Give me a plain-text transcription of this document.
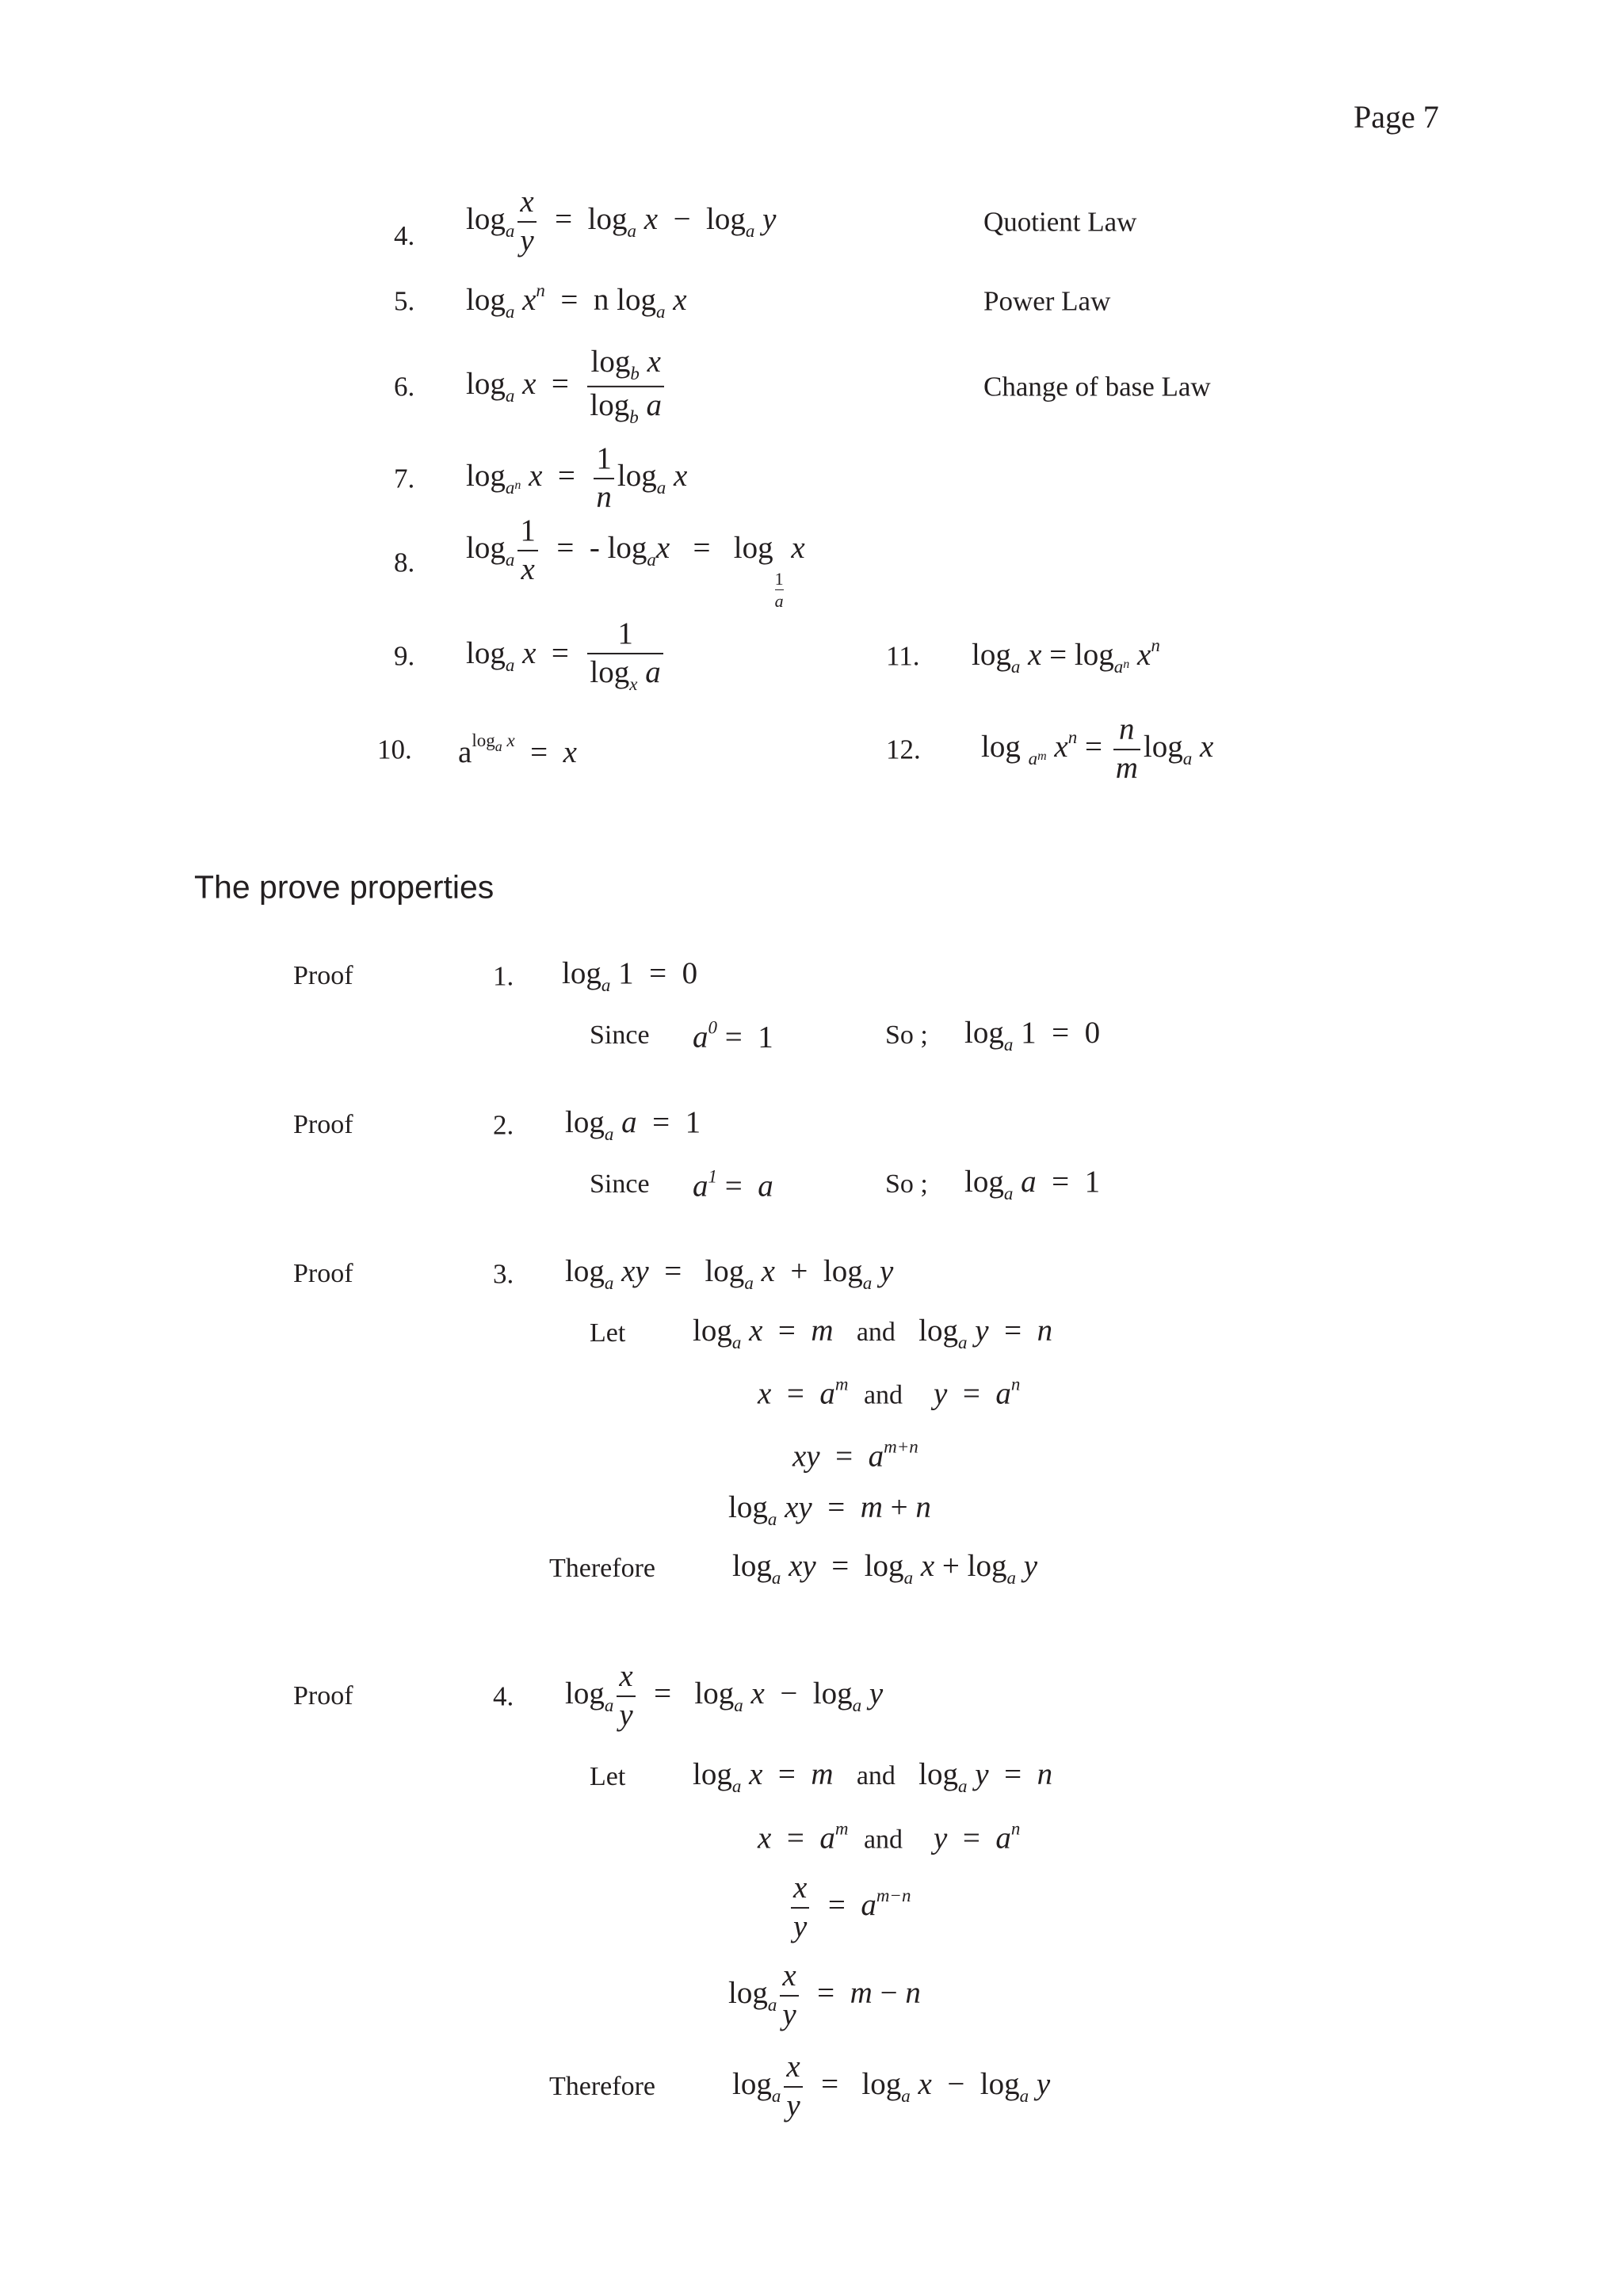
Page 7
4. $\log_a \frac{x}{y} = \log_a x - \log_a y$	Quotient Law
5. $\log_a x^n = n$ $\log_a x$	Power Law
6. $\log_a x = \frac{\log_b x}{\log_b a}$	Change of base Law
7. $\log_{a^n} x = \frac{1}{n} \log_a x$
8. $\log_a \frac{1}{x}$ =  - $\log_ax = \log$
$\frac{1}{a}$
x
9. $\log_a x = \frac{1}{\log_x a}$	11. $\log_a x = \log_{a^n} x^n$
10. $a^{log_a x} = x$	12. log $_{a^m}$ $x^n = \frac{n}{m} \log_a x$
The prove properties
Proof	1. $\log_a 1 = 0$
Since $a^0 = 1$	So ; $\log_a 1 = 0$
Proof	2. $\log_a a = 1$
Since $a^1 = a$	So ; $\log_a a = 1$
Proof	3. $\log_a$ xy  =   $\log_a x + \log_a y$
Let $\log_a x = m$ and   $\log_a y = n$
$x = a^m$ and $y = a^n$
xy  =  $a^{m+n}$
$\log_a$ xy  =  m + n
Therefore $\log_a$ xy  =  $\log_a x + \log_a y$
Proof	4. $\log_a \frac{x}{y} = \log_a x - \log_a y$
Let $\log_a x = m$ and   $\log_a y = n$
$x = a^m$ and $y = a^n$
$\frac{x}{y} = a^{m-n}$
$\log_a \frac{x}{y} = m - n$
Therefore $\log_a \frac{x}{y} = \log_a x - \log_a y$
